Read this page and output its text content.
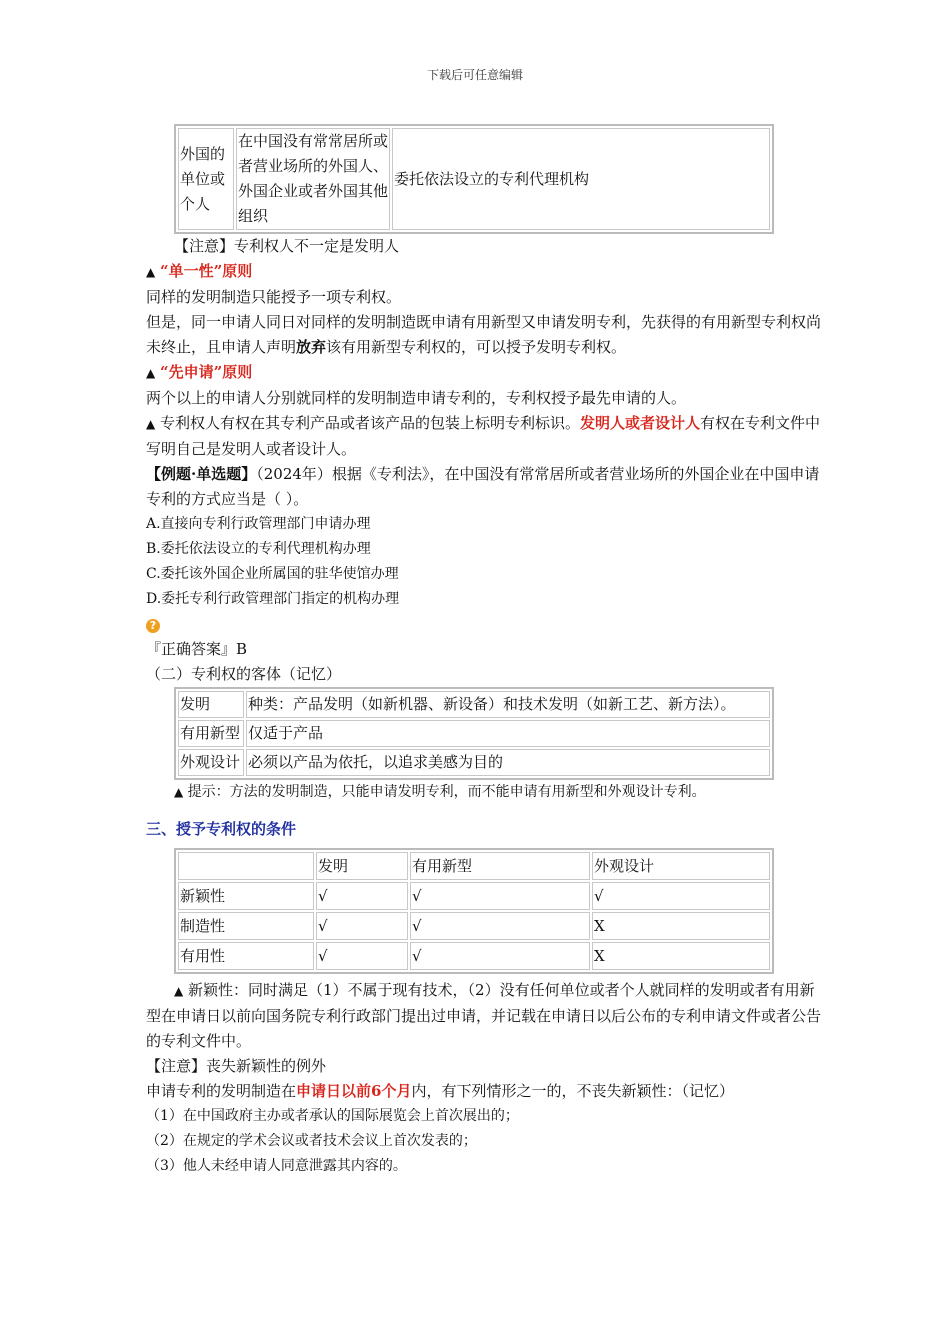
下载后可任意编辑
外国的单位或个人	在中国没有常常居所或者营业场所的外国人、外国企业或者外国其他组织	委托依法设立的专利代理机构

【注意】专利权人不一定是发明人

▲ “单一性”原则

同样的发明制造只能授予一项专利权。

但是，同一申请人同日对同样的发明制造既申请有用新型又申请发明专利，先获得的有用新型专利权尚未终止，且申请人声明放弃该有用新型专利权的，可以授予发明专利权。

▲ “先申请”原则

两个以上的申请人分别就同样的发明制造申请专利的，专利权授予最先申请的人。

▲ 专利权人有权在其专利产品或者该产品的包装上标明专利标识。发明人或者设计人有权在专利文件中写明自己是发明人或者设计人。

【例题·单选题】（2024年）根据《专利法》，在中国没有常常居所或者营业场所的外国企业在中国申请专利的方式应当是（ ）。

A.直接向专利行政管理部门申请办理

B.委托依法设立的专利代理机构办理

C.委托该外国企业所属国的驻华使馆办理

D.委托专利行政管理部门指定的机构办理

?

『正确答案』B

（二）专利权的客体（记忆）

发明	种类：产品发明（如新机器、新设备）和技术发明（如新工艺、新方法）。
有用新型	仅适于产品
外观设计	必须以产品为依托，以追求美感为目的

▲ 提示：方法的发明制造，只能申请发明专利，而不能申请有用新型和外观设计专利。

三、授予专利权的条件

	发明	有用新型	外观设计
新颖性	√	√	√
制造性	√	√	X
有用性	√	√	X

▲ 新颖性：同时满足（1）不属于现有技术，（2）没有任何单位或者个人就同样的发明或者有用新型在申请日以前向国务院专利行政部门提出过申请，并记载在申请日以后公布的专利申请文件或者公告的专利文件中。

【注意】丧失新颖性的例外

申请专利的发明制造在申请日以前6个月内，有下列情形之一的，不丧失新颖性：（记忆）

（1）在中国政府主办或者承认的国际展览会上首次展出的；

（2）在规定的学术会议或者技术会议上首次发表的；

（3）他人未经申请人同意泄露其内容的。
